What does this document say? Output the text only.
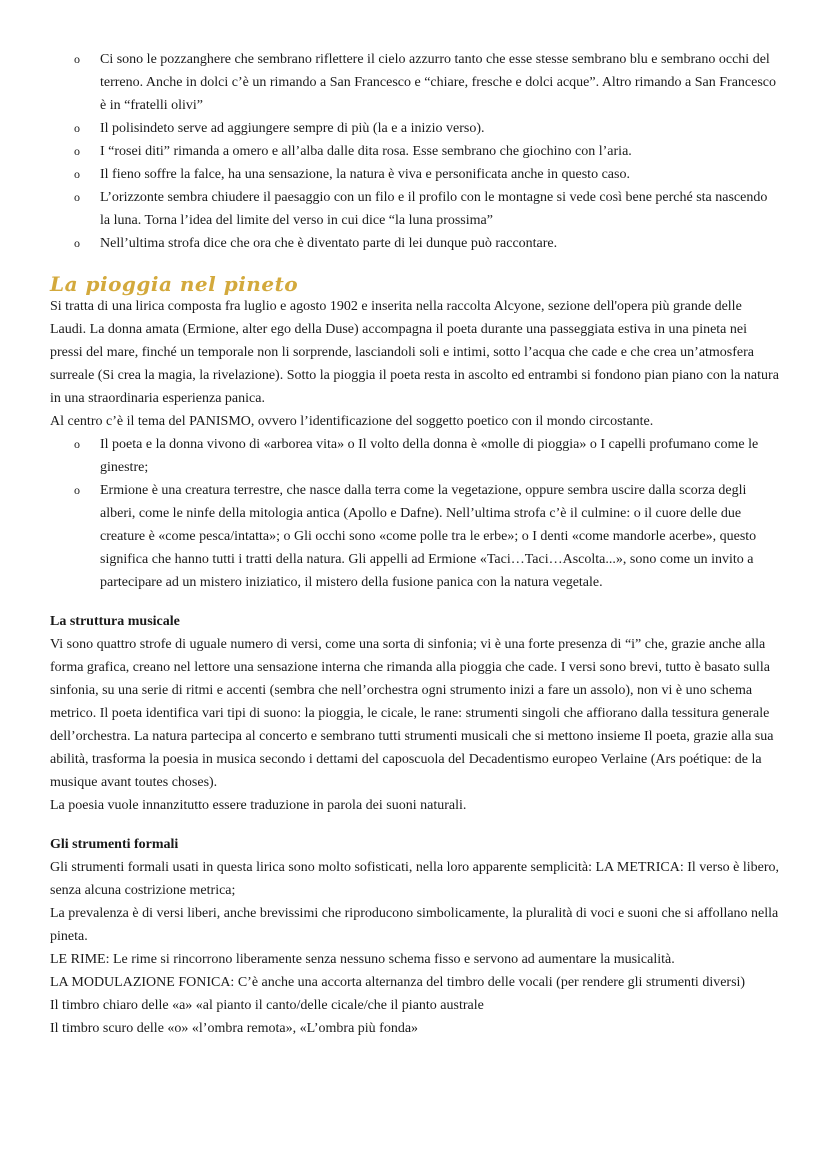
o Ci sono le pozzanghere che sembrano riflettere il cielo azzurro tanto che esse stesse sembrano blu e sembrano occhi del terreno. Anche in dolci c’è un rimando a San Francesco e “chiare, fresche e dolci acque”. Altro rimando a San Francesco è in “fratelli olivi”
o Il polisindeto serve ad aggiungere sempre di più (la e a inizio verso).
o I “rosei diti” rimanda a omero e all’alba dalle dita rosa. Esse sembrano che giochino con l’aria.
o Il fieno soffre la falce, ha una sensazione, la natura è viva e personificata anche in questo caso.
o L’orizzonte sembra chiudere il paesaggio con un filo e il profilo con le montagne si vede così bene perché sta nascendo la luna. Torna l’idea del limite del verso in cui dice “la luna prossima”
o Nell’ultima strofa dice che ora che è diventato parte di lei dunque può raccontare.
La pioggia nel pineto

Si tratta di una lirica composta fra luglio e agosto 1902 e inserita nella raccolta Alcyone, sezione dell'opera più grande delle Laudi. La donna amata (Ermione, alter ego della Duse) accompagna il poeta durante una passeggiata estiva in una pineta nei pressi del mare, finché un temporale non li sorprende, lasciandoli soli e intimi, sotto l’acqua che cade e che crea un’atmosfera surreale (Si crea la magia, la rivelazione). Sotto la pioggia il poeta resta in ascolto ed entrambi si fondono pian piano con la natura in una straordinaria esperienza panica.

Al centro c’è il tema del PANISMO, ovvero l’identificazione del soggetto poetico con il mondo circostante.

o Il poeta e la donna vivono di «arborea vita» o Il volto della donna è «molle di pioggia» o I capelli profumano come le ginestre;
o Ermione è una creatura terrestre, che nasce dalla terra come la vegetazione, oppure sembra uscire dalla scorza degli alberi, come le ninfe della mitologia antica (Apollo e Dafne). Nell’ultima strofa c’è il culmine: o il cuore delle due creature è «come pesca/intatta»; o Gli occhi sono «come polle tra le erbe»; o I denti «come mandorle acerbe», questo significa che hanno tutti i tratti della natura. Gli appelli ad Ermione «Taci…Taci…Ascolta...», sono come un invito a partecipare ad un mistero iniziatico, il mistero della fusione panica con la natura vegetale.

La struttura musicale

Vi sono quattro strofe di uguale numero di versi, come una sorta di sinfonia; vi è una forte presenza di “i” che, grazie anche alla forma grafica, creano nel lettore una sensazione interna che rimanda alla pioggia che cade. I versi sono brevi, tutto è basato sulla sinfonia, su una serie di ritmi e accenti (sembra che nell’orchestra ogni strumento inizi a fare un assolo), non vi è uno schema metrico. Il poeta identifica vari tipi di suono: la pioggia, le cicale, le rane: strumenti singoli che affiorano dalla tessitura generale dell’orchestra. La natura partecipa al concerto e sembrano tutti strumenti musicali che si mettono insieme Il poeta, grazie alla sua abilità, trasforma la poesia in musica secondo i dettami del caposcuola del Decadentismo europeo Verlaine (Ars poétique: de la musique avant toutes choses).

La poesia vuole innanzitutto essere traduzione in parola dei suoni naturali.

Gli strumenti formali

Gli strumenti formali usati in questa lirica sono molto sofisticati, nella loro apparente semplicità: LA METRICA: Il verso è libero, senza alcuna costrizione metrica;

La prevalenza è di versi liberi, anche brevissimi che riproducono simbolicamente, la pluralità di voci e suoni che si affollano nella pineta.

LE RIME: Le rime si rincorrono liberamente senza nessuno schema fisso e servono ad aumentare la musicalità.

LA MODULAZIONE FONICA: C’è anche una accorta alternanza del timbro delle vocali (per rendere gli strumenti diversi)

Il timbro chiaro delle «a» «al pianto il canto/delle cicale/che il pianto australe

Il timbro scuro delle «o» «l’ombra remota», «L’ombra più fonda»
